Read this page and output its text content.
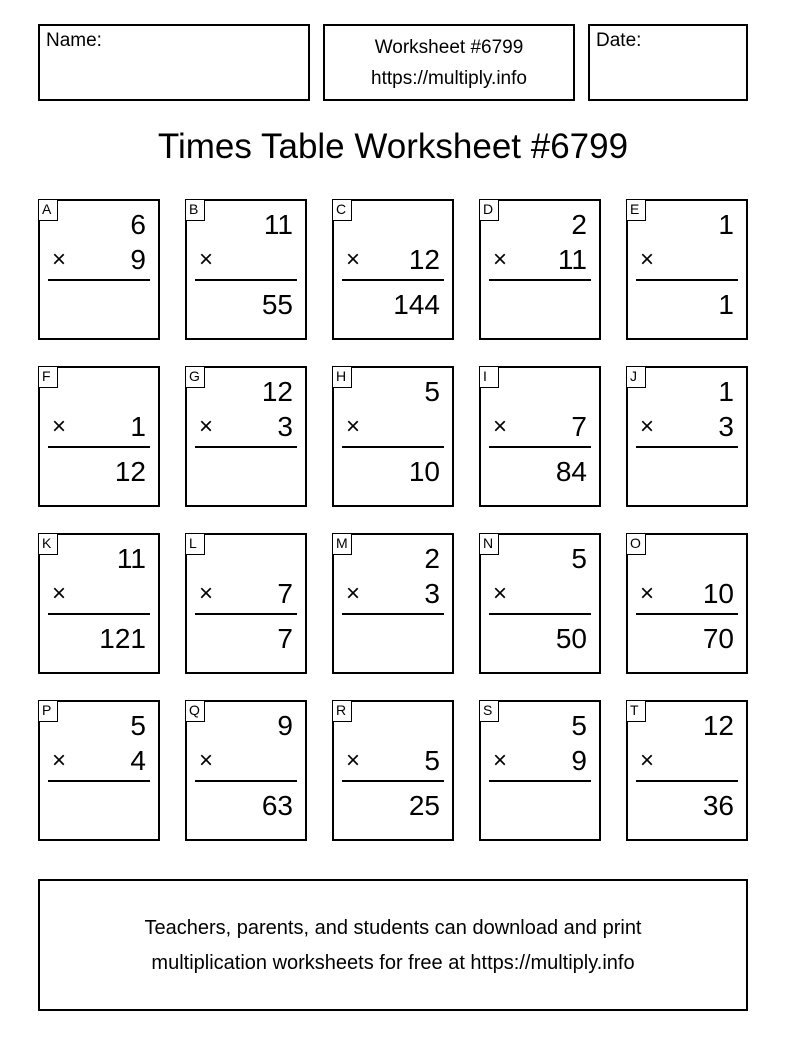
Name:	Worksheet #6799
https://multiply.info
Date:
Times Table Worksheet #6799
A	6
× 9
B 11
×
55
C
× 12
144
D	2
× 11
E	1
×
1
F
× 1
12
G 12
× 3
H	5
×
10
I
× 7
84
J	1
× 3
K 11
×
121
L
× 7
7
M	2
× 3
N	5
×
50
O
× 10
70
P	5
× 4
Q	9
×
63
R
× 5
25
S	5
× 9
T 12
×
36
Teachers, parents, and students can download and print
multiplication worksheets for free at https://multiply.info
